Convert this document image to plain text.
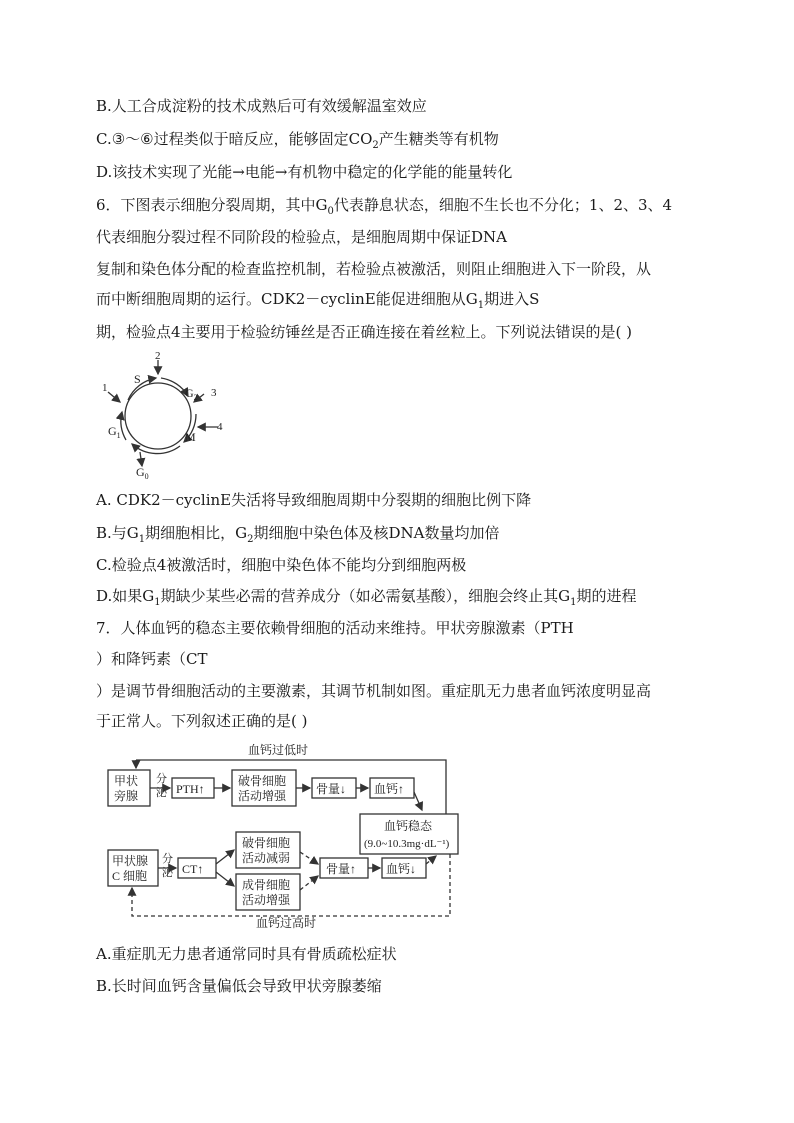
B.人工合成淀粉的技术成熟后可有效缓解温室效应
C.③～⑥过程类似于暗反应，能够固定$CO_2$产生糖类等有机物
D.该技术实现了光能→电能→有机物中稳定的化学能的能量转化
6．下图表示细胞分裂周期，其中$G_0$代表静息状态，细胞不生长也不分化；1、2、3、4
代表细胞分裂过程不同阶段的检验点，是细胞周期中保证DNA
复制和染色体分配的检查监控机制，若检验点被激活，则阻止细胞进入下一阶段，从
而中断细胞周期的运行。CDK2－cyclinE能促进细胞从$G_1$期进入S
期，检验点4主要用于检验纺锤丝是否正确连接在着丝粒上。下列说法错误的是( )
2
S
$G_2$ 3
4
M
1
$G_1$
$G_0$
A. CDK2－cyclinE失活将导致细胞周期中分裂期的细胞比例下降
B.与$G_1$期细胞相比，$G_2$期细胞中染色体及核DNA数量均加倍
C.检验点4被激活时，细胞中染色体不能均分到细胞两极
D.如果$G_1$期缺少某些必需的营养成分（如必需氨基酸），细胞会终止其$G_1$期的进程
7．人体血钙的稳态主要依赖骨细胞的活动来维持。甲状旁腺激素（PTH
）和降钙素（CT
）是调节骨细胞活动的主要激素，其调节机制如图。重症肌无力患者血钙浓度明显高
于正常人。下列叙述正确的是( )
血钙过低时
血钙过高时
甲状
旁腺
分
泌 PTH↑
破骨细胞
活动增强 骨量↓ 血钙↑
血钙稳态
(9.0~10.3mg·dL⁻¹)
甲状腺
C 细胞
分
泌 CT↑
破骨细胞
活动减弱
成骨细胞
活动增强
骨量↑ 血钙↓
A.重症肌无力患者通常同时具有骨质疏松症状
B.长时间血钙含量偏低会导致甲状旁腺萎缩
